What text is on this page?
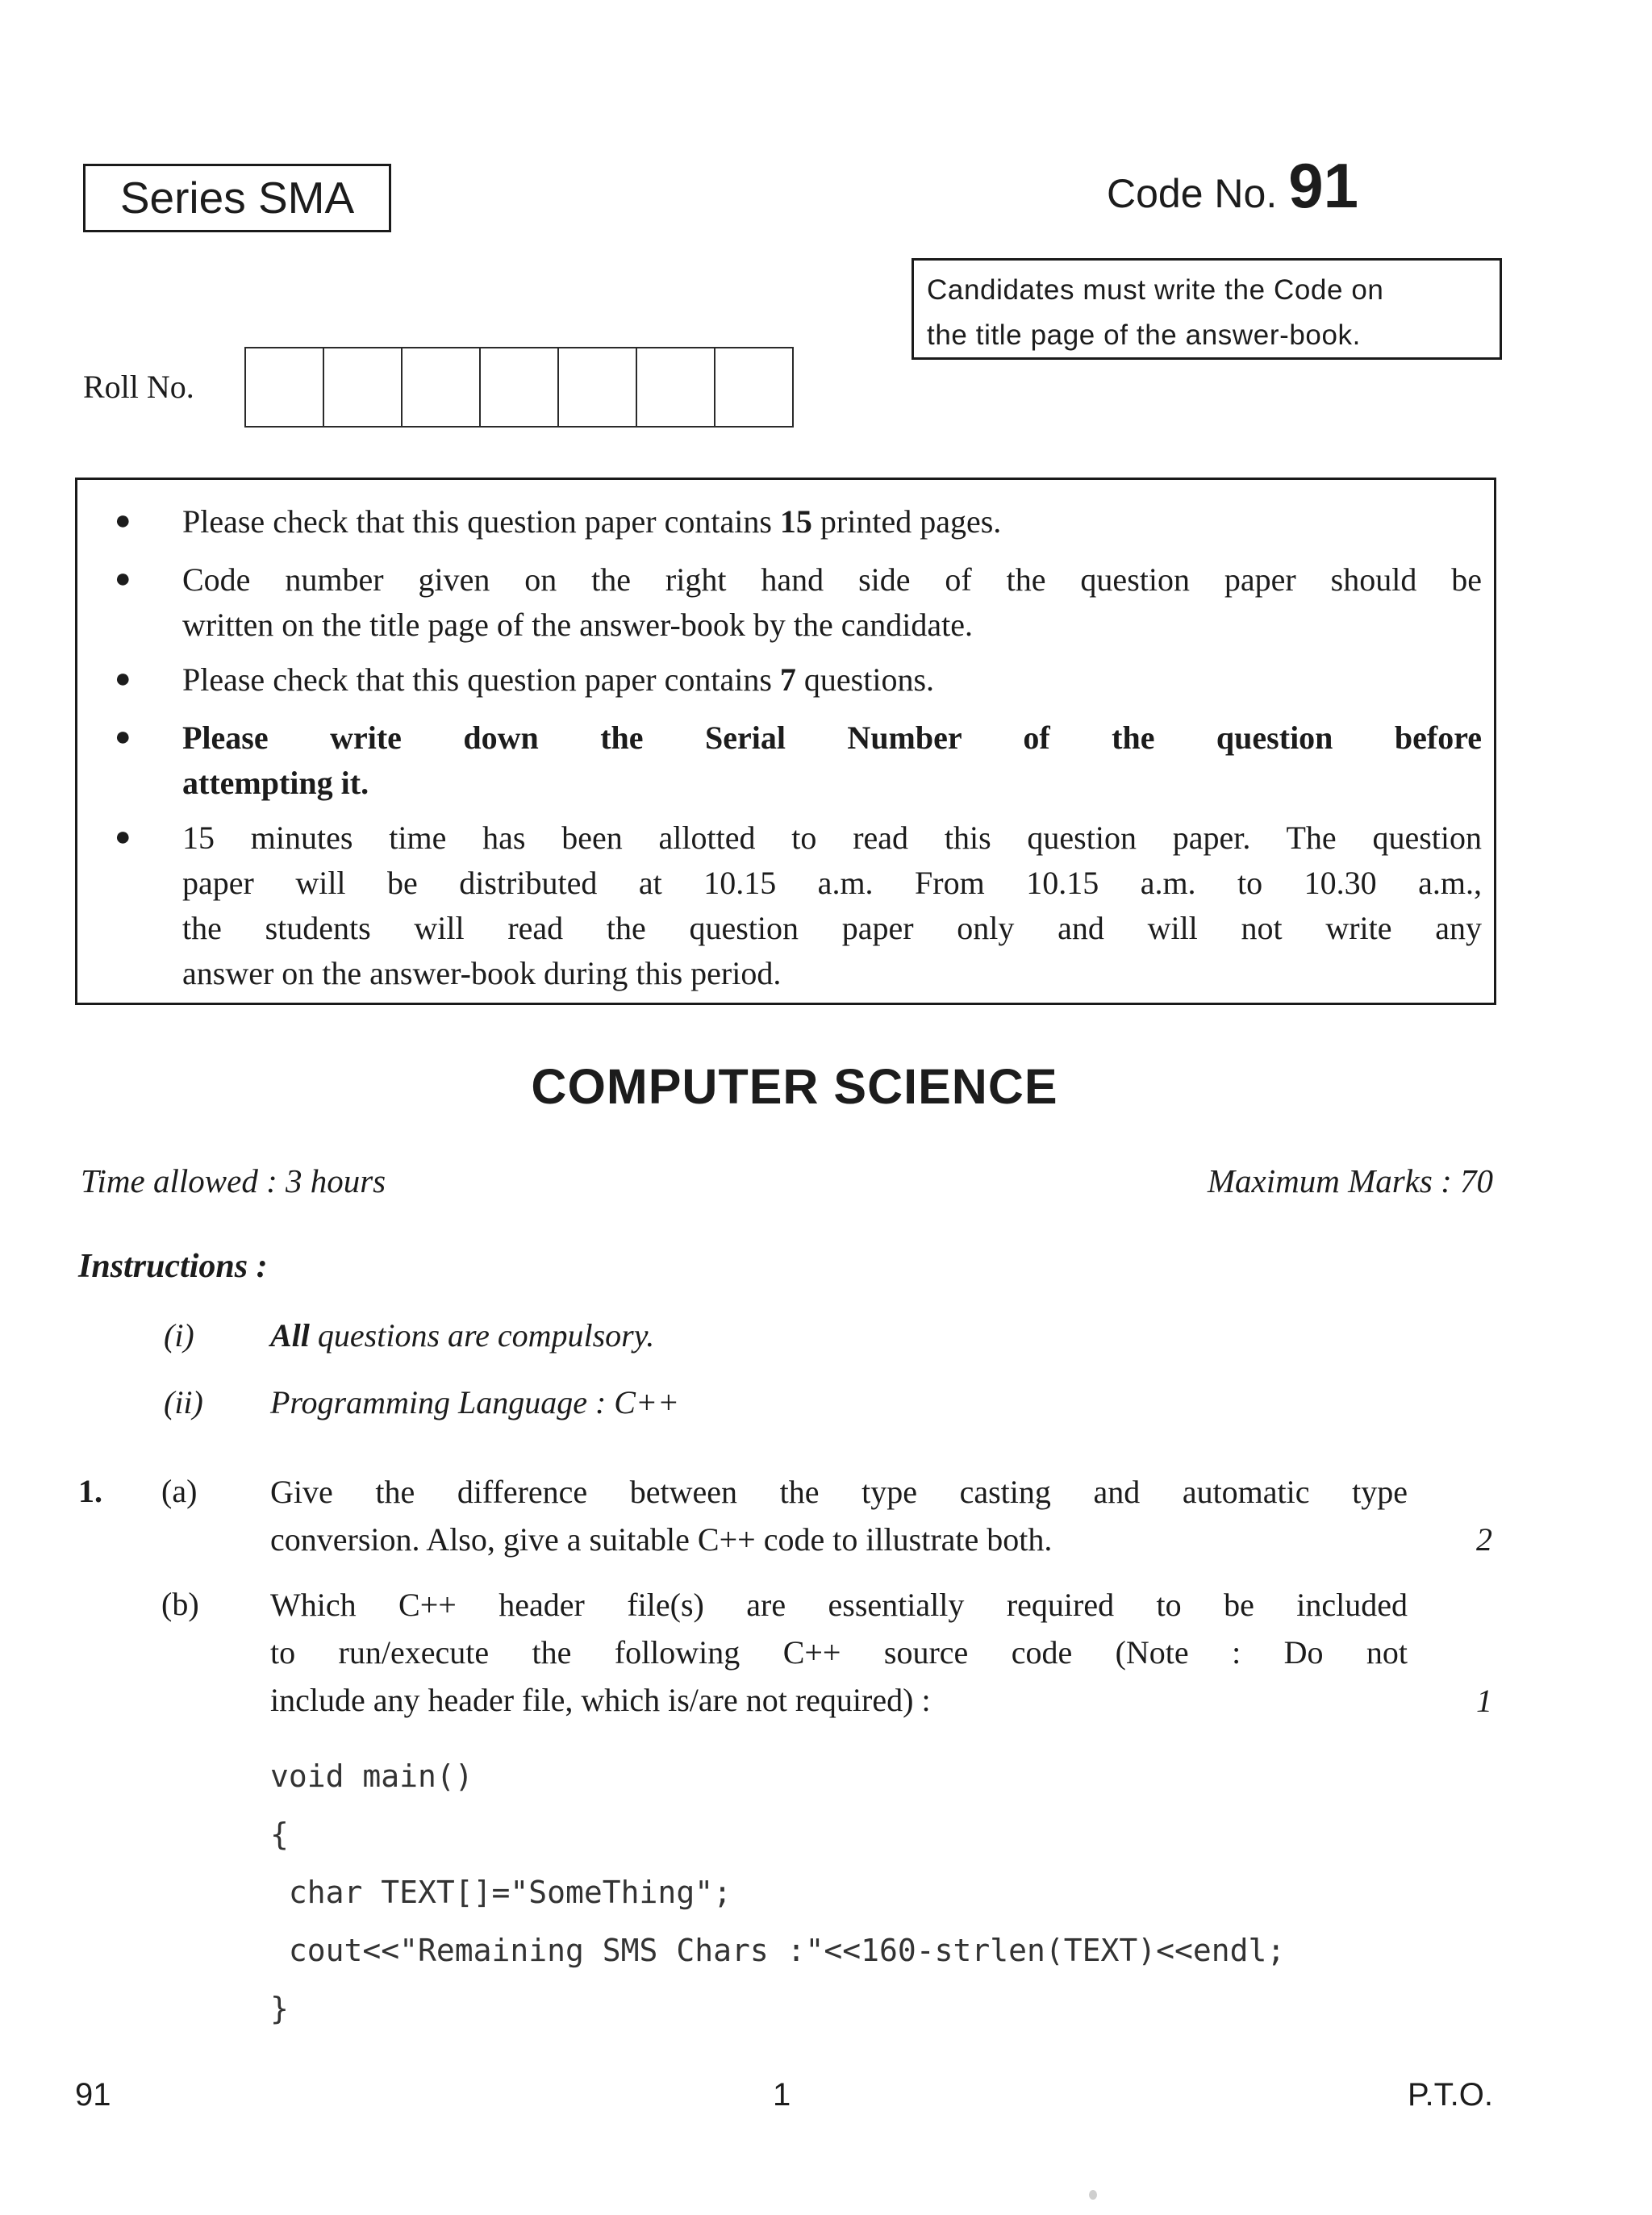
Series SMA	Code No. 91
Candidates must write the Code on
the title page of the answer-book.
Roll No.
● Please check that this question paper contains 15 printed pages.
● Code number given on the right hand side of the question paper should be
written on the title page of the answer-book by the candidate.
● Please check that this question paper contains 7 questions.
● Please write down the Serial Number of the question before
attempting it.
● 15 minutes time has been allotted to read this question paper. The question
paper will be distributed at 10.15 a.m. From 10.15 a.m. to 10.30 a.m.,
the students will read the question paper only and will not write any
answer on the answer-book during this period.
COMPUTER SCIENCE
Time allowed : 3 hours	Maximum Marks : 70
Instructions :
(i) All questions are compulsory.
(ii) Programming Language : C++
1. (a) Give the difference between the type casting and automatic type
conversion. Also, give a suitable C++ code to illustrate both.	2
(b) Which C++ header file(s) are essentially required to be included
to run/execute the following C++ source code (Note : Do not
include any header file, which is/are not required) :	1
void main()
{
char TEXT[]="SomeThing";
cout<<"Remaining SMS Chars :"<<160-strlen(TEXT)<<endl;
}
91	1	P.T.O.
